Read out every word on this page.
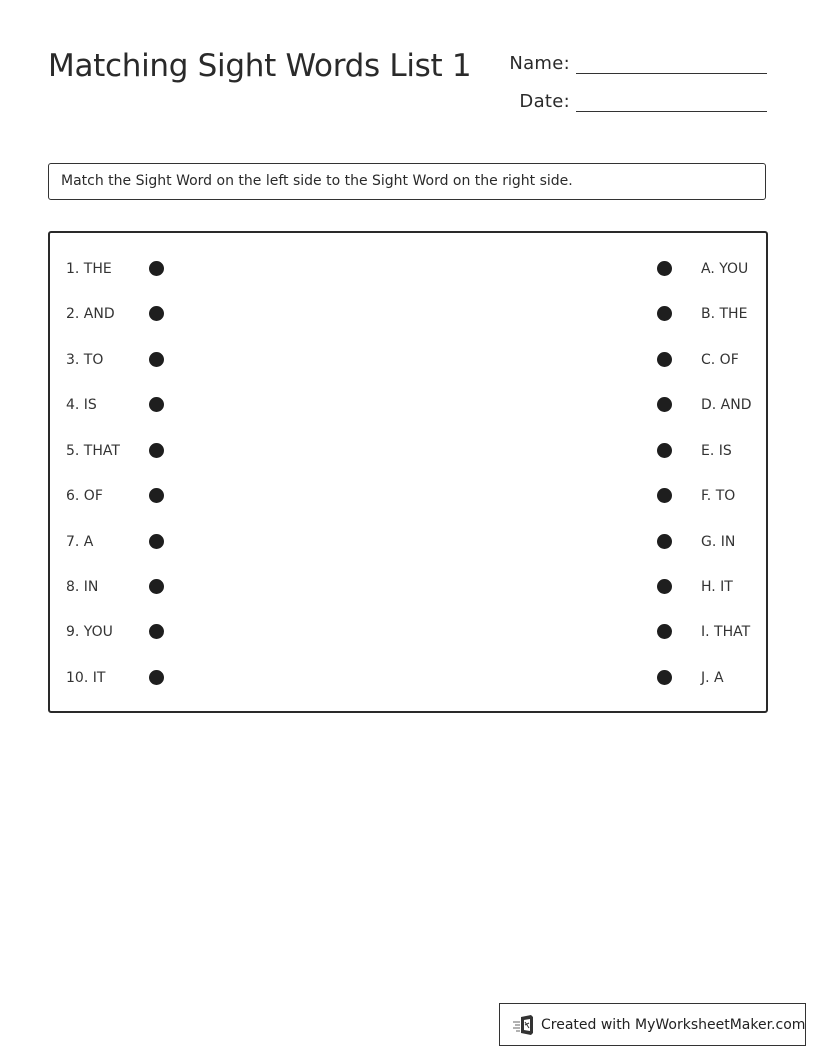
Matching Sight Words List 1 Name:
Date:
Match the Sight Word on the left side to the Sight Word on the right side.
1. THE	A. YOU
2. AND	B. THE
3. TO	C. OF
4. IS	D. AND
5. THAT	E. IS
6. OF	F. TO
7. A	G. IN
8. IN	H. IT
9. YOU	I. THAT
10. IT	J. A
Created with MyWorksheetMaker.com
